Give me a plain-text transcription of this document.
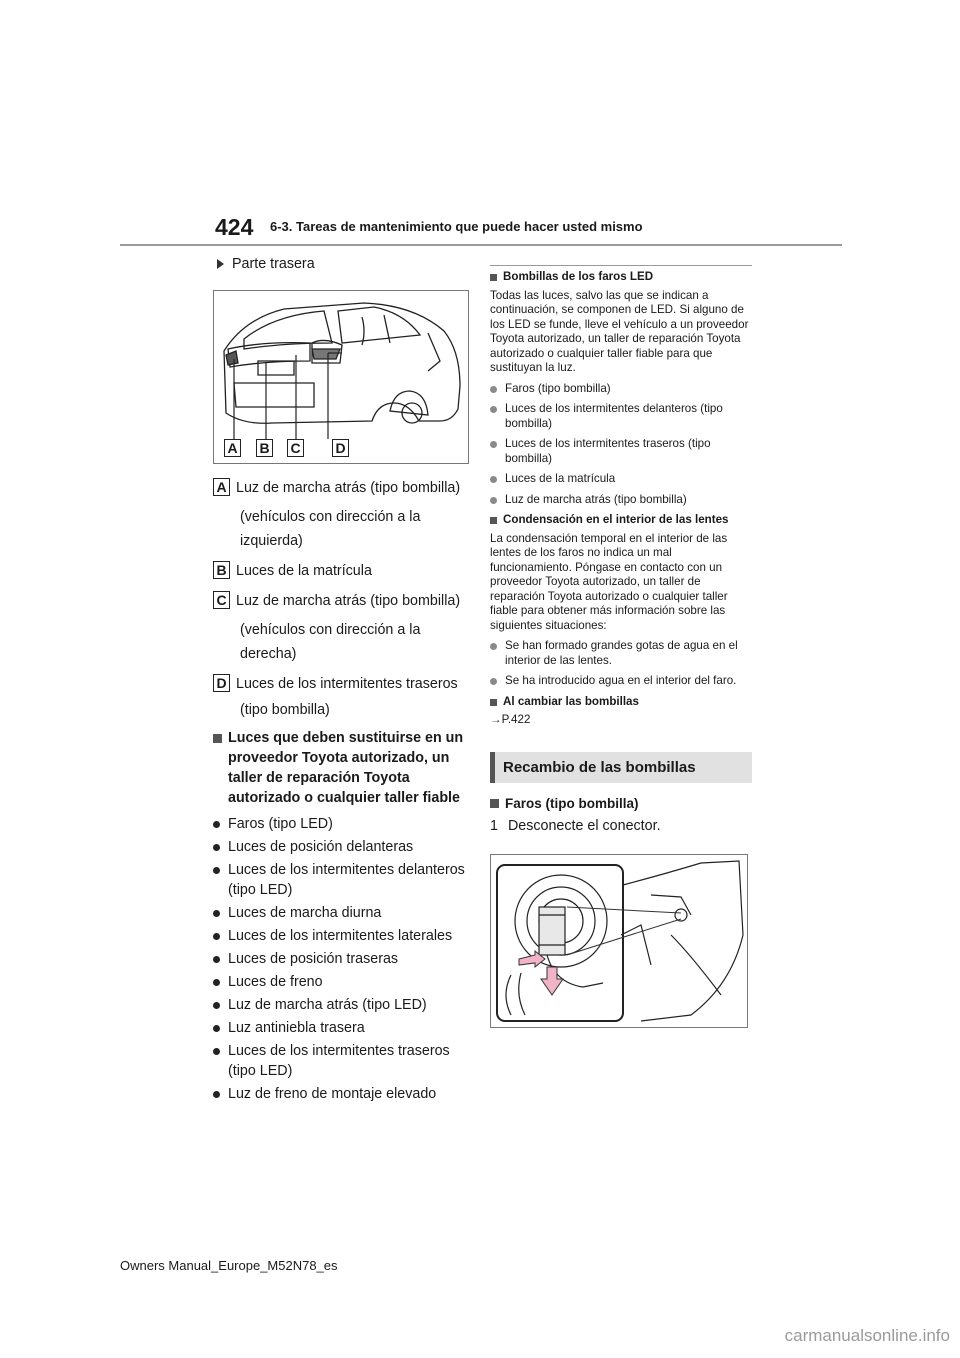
424 6-3. Tareas de mantenimiento que puede hacer usted mismo
Parte trasera
A B C D
A Luz de marcha atrás (tipo bombilla)
(vehículos con dirección a la izquierda)
B Luces de la matrícula
C Luz de marcha atrás (tipo bombilla)
(vehículos con dirección a la derecha)
D Luces de los intermitentes traseros
(tipo bombilla)
Luces que deben sustituirse en un proveedor Toyota autorizado, un taller de reparación Toyota autorizado o cualquier taller fiable
Faros (tipo LED)
Luces de posición delanteras
Luces de los intermitentes delanteros (tipo LED)
Luces de marcha diurna
Luces de los intermitentes laterales
Luces de posición traseras
Luces de freno
Luz de marcha atrás (tipo LED)
Luz antiniebla trasera
Luces de los intermitentes traseros (tipo LED)
Luz de freno de montaje elevado
Bombillas de los faros LED
Todas las luces, salvo las que se indican a continuación, se componen de LED. Si alguno de los LED se funde, lleve el vehículo a un proveedor Toyota autorizado, un taller de reparación Toyota autorizado o cualquier taller fiable para que sustituyan la luz.
Faros (tipo bombilla)
Luces de los intermitentes delanteros (tipo bombilla)
Luces de los intermitentes traseros (tipo bombilla)
Luces de la matrícula
Luz de marcha atrás (tipo bombilla)
Condensación en el interior de las lentes
La condensación temporal en el interior de las lentes de los faros no indica un mal funcionamiento. Póngase en contacto con un proveedor Toyota autorizado, un taller de reparación Toyota autorizado o cualquier taller fiable para obtener más información sobre las siguientes situaciones:
Se han formado grandes gotas de agua en el interior de las lentes.
Se ha introducido agua en el interior del faro.
Al cambiar las bombillas
→P.422
Recambio de las bombillas
Faros (tipo bombilla)
1 Desconecte el conector.
Owners Manual_Europe_M52N78_es
carmanualsonline.info
